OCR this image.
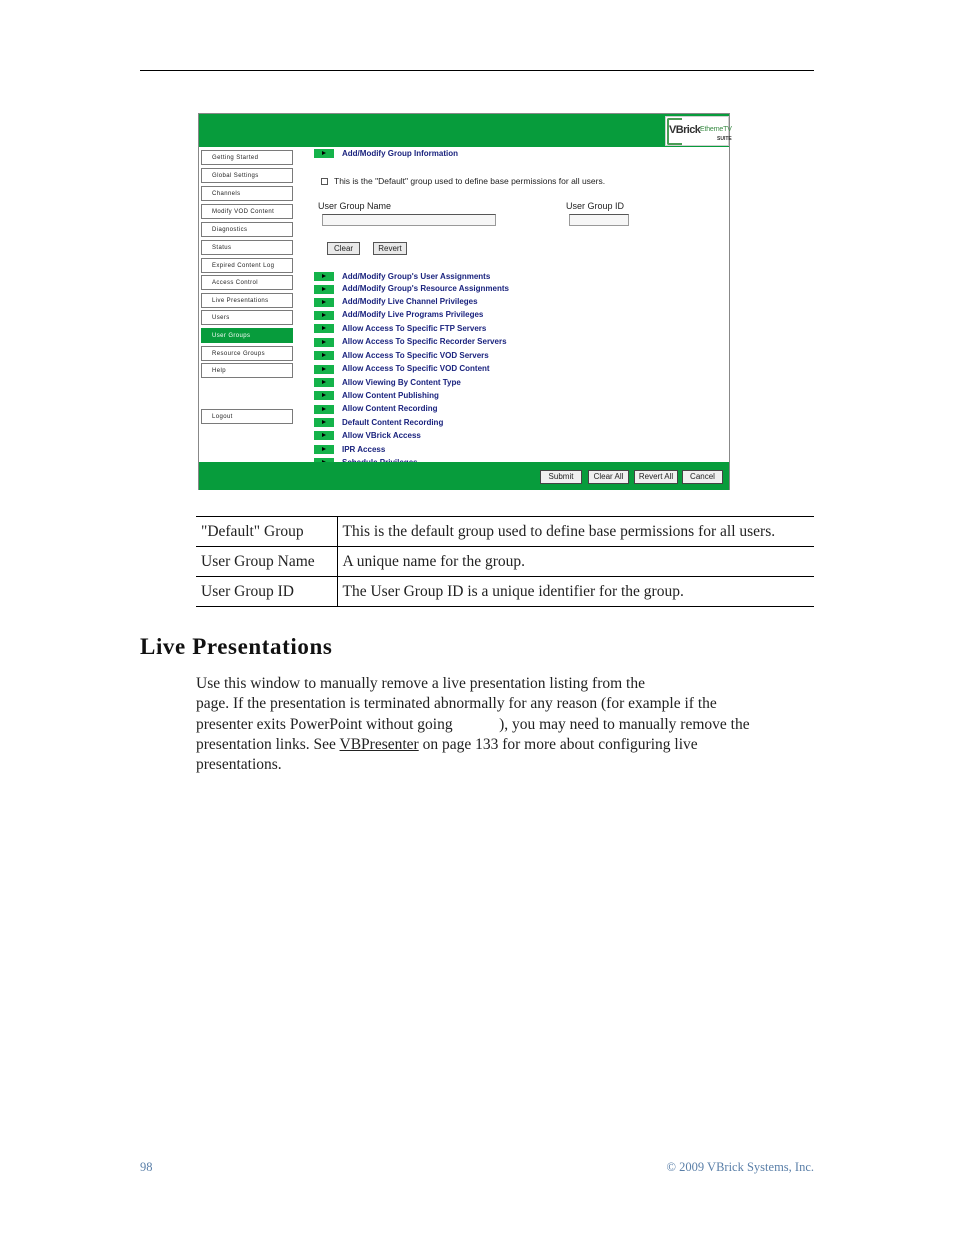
VBrick EtherneTV
SUITE
Getting Started
Global Settings
Channels
Modify VOD Content
Diagnostics
Status
Expired Content Log
Access Control
Live Presentations
Users
User Groups
Resource Groups
Help
Logout
Add/Modify Group Information
This is the "Default" group used to define base permissions for all users.
User Group Name	User Group ID
Clear	Revert
Add/Modify Group's User Assignments
Add/Modify Group's Resource Assignments
Add/Modify Live Channel Privileges
Add/Modify Live Programs Privileges
Allow Access To Specific FTP Servers
Allow Access To Specific Recorder Servers
Allow Access To Specific VOD Servers
Allow Access To Specific VOD Content
Allow Viewing By Content Type
Allow Content Publishing
Allow Content Recording
Default Content Recording
Allow VBrick Access
IPR Access
Submit	Clear All	Revert All	Cancel
"Default" Group	This is the default group used to define base permissions for all users.
User Group Name	A unique name for the group.
User Group ID	The User Group ID is a unique identifier for the group.
Live Presentations
Use this window to manually remove a live presentation listing from the
page. If the presentation is terminated abnormally for any reason (for example if the
presenter exits PowerPoint without going            ), you may need to manually remove the
presentation links. See VBPresenter on page 133 for more about configuring live
presentations.
98	© 2009 VBrick Systems, Inc.
